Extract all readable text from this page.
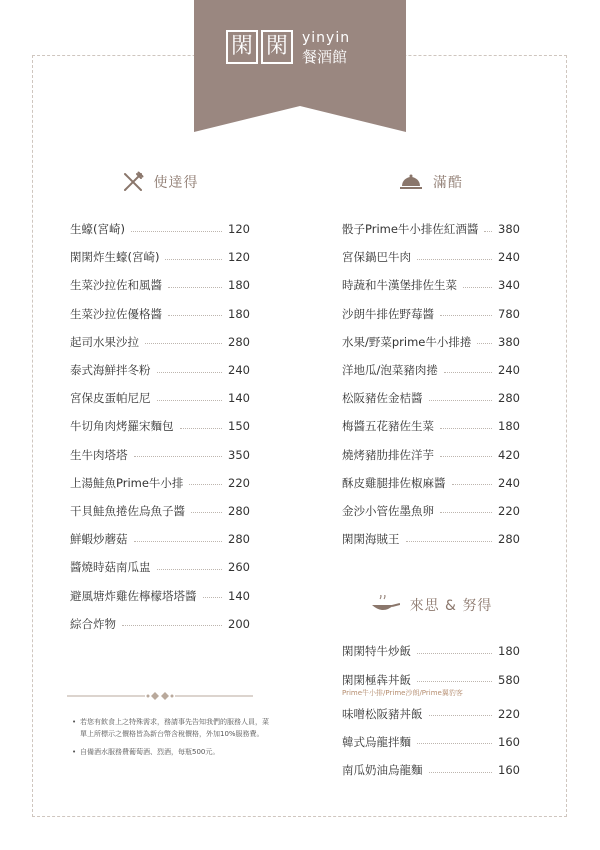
閑 閑	yinyin
餐酒館
使達得
生蠔(宮崎)	120
閑閑炸生蠔(宮崎)	120
生菜沙拉佐和風醬	180
生菜沙拉佐優格醬	180
起司水果沙拉	280
泰式海鮮拌冬粉	240
宮保皮蛋帕尼尼	140
牛切角肉烤羅宋麵包	150
生牛肉塔塔	350
上湯鮭魚Prime牛小排	220
干貝鮭魚捲佐烏魚子醬	280
鮮蝦炒蘑菇	280
醬燒時菇南瓜盅	260
避風塘炸雞佐檸檬塔塔醬	140
綜合炸物	200
滿酷
骰子Prime牛小排佐紅酒醬 380
宮保鍋巴牛肉	240
時蔬和牛漢堡排佐生菜	340
沙朗牛排佐野莓醬	780
水果/野菜prime牛小排捲 380
洋地瓜/泡菜豬肉捲	240
松阪豬佐金桔醬	280
梅醬五花豬佐生菜	180
燒烤豬肋排佐洋芋	420
酥皮雞腿排佐椒麻醬	240
金沙小管佐墨魚卵	220
閑閑海賊王	280
來思 & 努得
閑閑特牛炒飯	180
閑閑極犇丼飯	580
Prime牛小排/Prime沙朗/Prime翼豹客
味噌松阪豬丼飯	220
韓式烏龍拌麵	160
南瓜奶油烏龍麵	160
• 若您有飲食上之特殊需求，務請事先告知我們的服務人員，菜單上所標示之價格皆為新台幣含稅價格，外加10%服務費。
• 自備酒水服務費葡萄酒、烈酒，每瓶500元。
